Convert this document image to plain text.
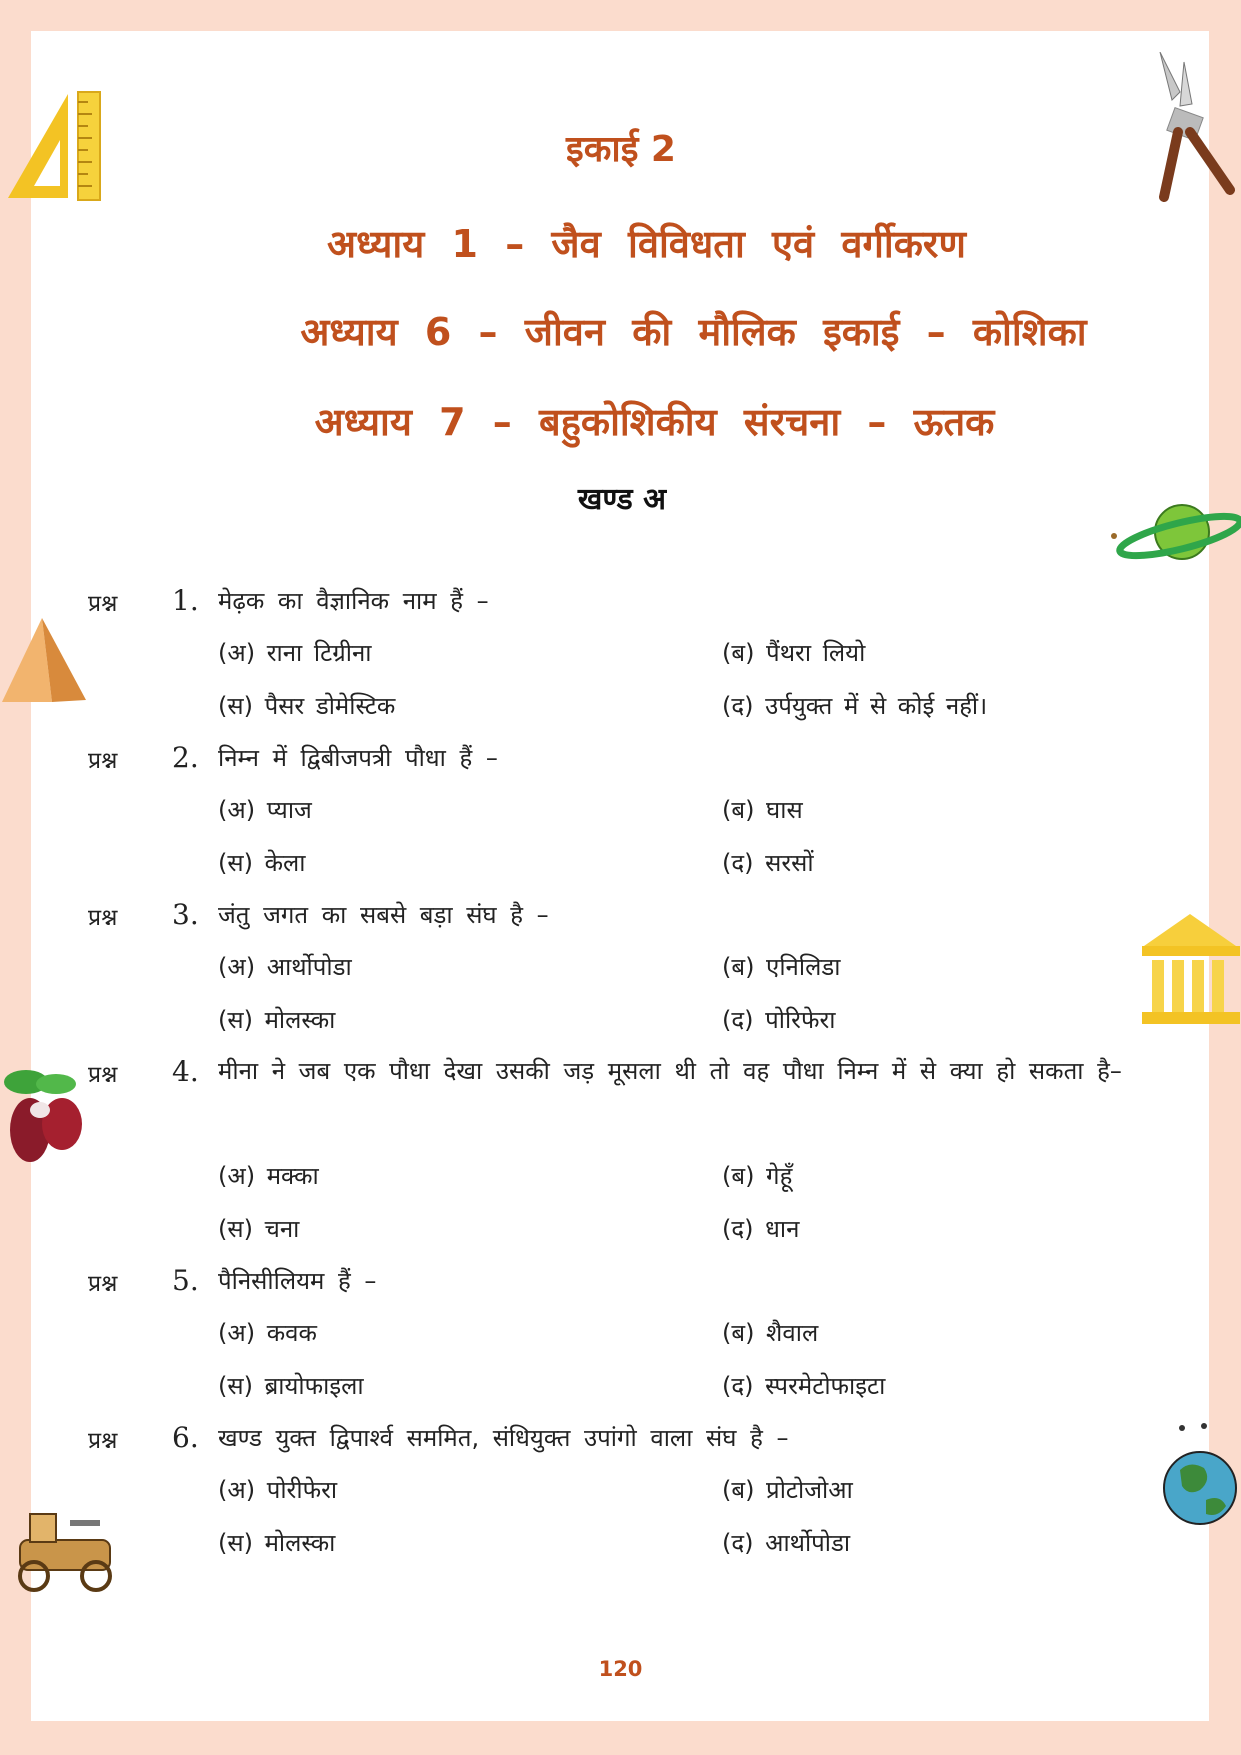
इकाई 2
अध्याय 1 – जैव विविधता एवं वर्गीकरण
अध्याय 6 – जीवन की मौलिक इकाई – कोशिका
अध्याय 7 – बहुकोशिकीय संरचना – ऊतक
खण्ड अ
प्रश्न 1. मेढ़क का वैज्ञानिक नाम हैं –
(अ) राना टिग्रीना	(ब) पैंथरा लियो
(स) पैसर डोमेस्टिक	(द) उर्पयुक्त में से कोई नहीं।
प्रश्न 2. निम्न में द्विबीजपत्री पौधा हैं –
(अ) प्याज	(ब) घास
(स) केला	(द) सरसों
प्रश्न 3. जंतु जगत का सबसे बड़ा संघ है –
(अ) आर्थोपोडा	(ब) एनिलिडा
(स) मोलस्का	(द) पोरिफेरा
प्रश्न 4. मीना ने जब एक पौधा देखा उसकी जड़ मूसला थी तो वह पौधा निम्न में से क्या हो सकता है–
(अ) मक्का	(ब) गेहूँ
(स) चना	(द) धान
प्रश्न 5. पैनिसीलियम हैं –
(अ) कवक	(ब) शैवाल
(स) ब्रायोफाइला	(द) स्परमेटोफाइटा
प्रश्न 6. खण्ड युक्त द्विपार्श्व सममित, संधियुक्त उपांगो वाला संघ है –
(अ) पोरीफेरा	(ब) प्रोटोजोआ
(स) मोलस्का	(द) आर्थोपोडा
120
